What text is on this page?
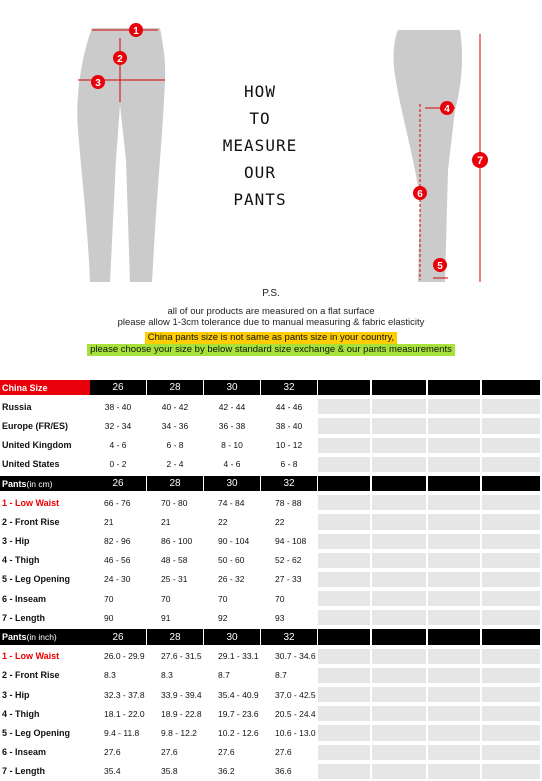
1
2
3
4
5
6
7
HOW
TO
MEASURE
OUR
PANTS
P.S.
all of our products are measured on a flat surface
please allow 1-3cm tolerance due to manual measuring & fabric elasticity
China pants size is not same as pants size in your country,
please choose your size by below standard size exchange & our pants measurements
China Size	26	28	30	32
Russia	38 - 40	40 - 42	42 - 44	44 - 46
Europe (FR/ES)	32 - 34	34 - 36	36 - 38	38 - 40
United Kingdom	4 - 6	6 - 8	8 - 10	10 - 12
United States	0 - 2	2 - 4	4 - 6	6 - 8
Pants (in cm)	26	28	30	32
1 - Low Waist	66 - 76	70 - 80	74 - 84	78 - 88
2 - Front Rise	21	21	22	22
3 - Hip	82 - 96	86 - 100	90 - 104	94 - 108
4 - Thigh	46 - 56	48 - 58	50 - 60	52 - 62
5 - Leg Opening	24 - 30	25 - 31	26 - 32	27 - 33
6 - Inseam	70	70	70	70
7 - Length	90	91	92	93
Pants (in inch)	26	28	30	32
1 - Low Waist	26.0 - 29.9	27.6 - 31.5	29.1 - 33.1	30.7 - 34.6
2 - Front Rise	8.3	8.3	8.7	8.7
3 - Hip	32.3 - 37.8	33.9 - 39.4	35.4 - 40.9	37.0 - 42.5
4 - Thigh	18.1 - 22.0	18.9 - 22.8	19.7 - 23.6	20.5 - 24.4
5 - Leg Opening	9.4 - 11.8	9.8 - 12.2	10.2 - 12.6	10.6 - 13.0
6 - Inseam	27.6	27.6	27.6	27.6
7 - Length	35.4	35.8	36.2	36.6
